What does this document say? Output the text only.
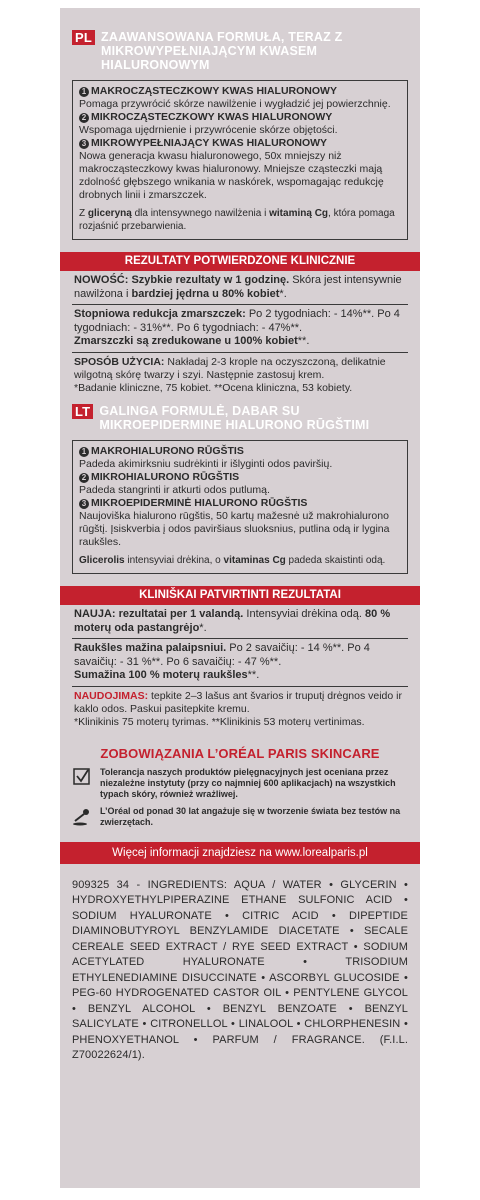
PL ZAAWANSOWANA FORMUŁA, TERAZ Z MIKROWYPEŁNIAJĄCYM KWASEM HIALURONOWYM
1 MAKROCZĄSTECZKOWY KWAS HIALURONOWY
Pomaga przywrócić skórze nawilżenie i wygładzić jej powierzchnię.
2 MIKROCZĄSTECZKOWY KWAS HIALURONOWY
Wspomaga ujędrnienie i przywrócenie skórze objętości.
3 MIKROWYPEŁNIAJĄCY KWAS HIALURONOWY
Nowa generacja kwasu hialuronowego, 50x mniejszy niż makrocząsteczkowy kwas hialuronowy. Mniejsze cząsteczki mają zdolność głębszego wnikania w naskórek, wspomagając redukcję drobnych linii i zmarszczek.
Z gliceryną dla intensywnego nawilżenia i witaminą Cg, która pomaga rozjaśnić przebarwienia.
REZULTATY POTWIERDZONE KLINICZNIE
NOWOŚĆ: Szybkie rezultaty w 1 godzinę. Skóra jest intensywnie nawilżona i bardziej jędrna u 80% kobiet*.
Stopniowa redukcja zmarszczek: Po 2 tygodniach: - 14%**. Po 4 tygodniach: - 31%**. Po 6 tygodniach: - 47%**.
Zmarszczki są zredukowane u 100% kobiet**.
SPOSÓB UŻYCIA: Nakładaj 2-3 krople na oczyszczoną, delikatnie wilgotną skórę twarzy i szyi. Następnie zastosuj krem.
*Badanie kliniczne, 75 kobiet. **Ocena kliniczna, 53 kobiety.
LT GALINGA FORMULĖ, DABAR SU MIKROEPIDERMINE HIALURONO RŪGŠTIMI
1 MAKROHIALURONO RŪGŠTIS
Padeda akimirksniu sudrėkinti ir išlyginti odos paviršių.
2 MIKROHIALURONO RŪGŠTIS
Padeda stangrinti ir atkurti odos putlumą.
3 MIKROEPIDERMINĖ HIALURONO RŪGŠTIS
Naujoviška hialurono rūgštis, 50 kartų mažesnė už makrohialurono rūgštį. Įsiskverbia į odos paviršiaus sluoksnius, putlina odą ir lygina raukšles.
Glicerolis intensyviai drėkina, o vitaminas Cg padeda skaistinti odą.
KLINIŠKAI PATVIRTINTI REZULTATAI
NAUJA: rezultatai per 1 valandą. Intensyviai drėkina odą. 80 % moterų oda pastangrėjo*.
Raukšles mažina palaipsniui. Po 2 savaičių: - 14 %**. Po 4 savaičių: - 31 %**. Po 6 savaičių: - 47 %**.
Sumažina 100 % moterų raukšles**.
NAUDOJIMAS: tepkite 2–3 lašus ant švarios ir truputį drėgnos veido ir kaklo odos. Paskui pasitepkite kremu.
*Klinikinis 75 moterų tyrimas. **Klinikinis 53 moterų vertinimas.
ZOBOWIĄZANIA L’ORÉAL PARIS SKINCARE
Tolerancja naszych produktów pielęgnacyjnych jest oceniana przez niezależne instytuty (przy co najmniej 600 aplikacjach) na wszystkich typach skóry, również wrażliwej.
L’Oréal od ponad 30 lat angażuje się w tworzenie świata bez testów na zwierzętach.
Więcej informacji znajdziesz na www.lorealparis.pl
909325 34 - INGREDIENTS: AQUA / WATER • GLYCERIN • HYDROXYETHYLPIPERAZINE ETHANE SULFONIC ACID • SODIUM HYALURONATE • CITRIC ACID • DIPEPTIDE DIAMINOBUTYROYL BENZYLAMIDE DIACETATE • SECALE CEREALE SEED EXTRACT / RYE SEED EXTRACT • SODIUM ACETYLATED HYALURONATE • TRISODIUM ETHYLENEDIAMINE DISUCCINATE • ASCORBYL GLUCOSIDE • PEG-60 HYDROGENATED CASTOR OIL • PENTYLENE GLYCOL • BENZYL ALCOHOL • BENZYL BENZOATE • BENZYL SALICYLATE • CITRONELLOL • LINALOOL • CHLORPHENESIN • PHENOXYETHANOL • PARFUM / FRAGRANCE. (F.I.L. Z70022624/1).
